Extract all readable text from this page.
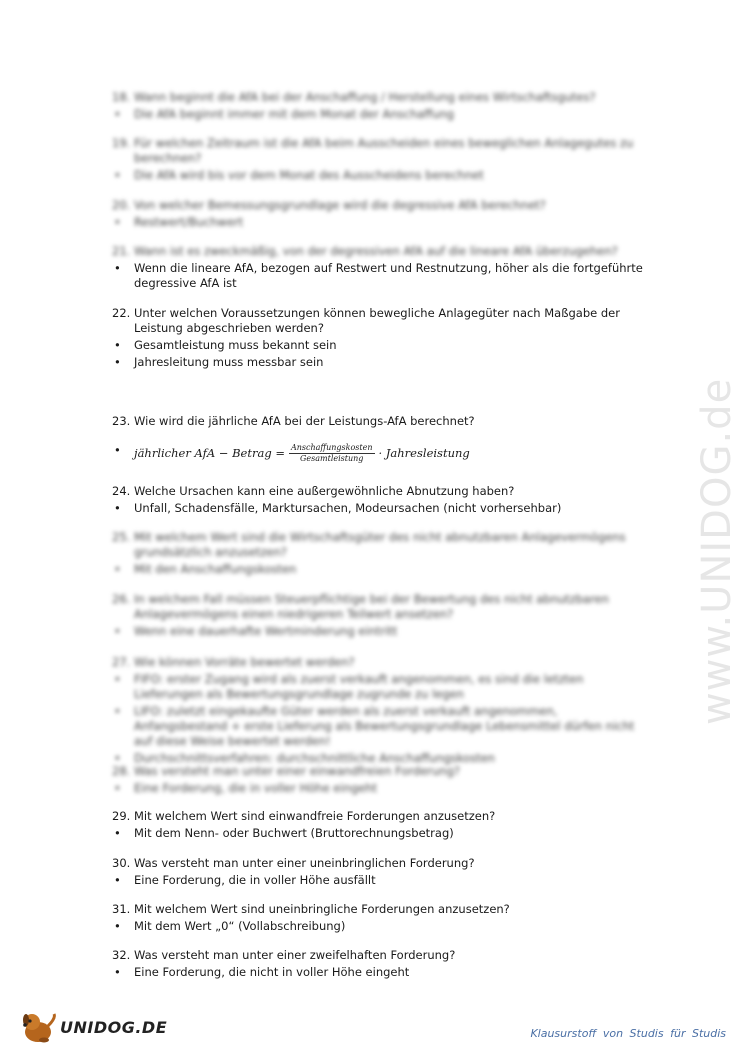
18. Wann beginnt die AfA bei der Anschaffung / Herstellung eines Wirtschaftsgutes?
•	Die AfA beginnt immer mit dem Monat der Anschaffung
19. Für welchen Zeitraum ist die AfA beim Ausscheiden eines beweglichen Anlagegutes zu berechnen?
•	Die AfA wird bis vor dem Monat des Ausscheidens berechnet
20. Von welcher Bemessungsgrundlage wird die degressive AfA berechnet?
•	Restwert/Buchwert
21. Wann ist es zweckmäßig, von der degressiven AfA auf die lineare AfA überzugehen?
•	Wenn die lineare AfA, bezogen auf Restwert und Restnutzung, höher als die fortgeführte degressive AfA ist
22. Unter welchen Voraussetzungen können bewegliche Anlagegüter nach Maßgabe der Leistung abgeschrieben werden?
•	Gesamtleistung muss bekannt sein
•	Jahresleitung muss messbar sein
23. Wie wird die jährliche AfA bei der Leistungs-AfA berechnet?
•	jährlicher AfA − Betrag = $\frac{\text{Anschaffungskosten}}{\text{Gesamtleistung}}$ · Jahresleistung
24. Welche Ursachen kann eine außergewöhnliche Abnutzung haben?
•	Unfall, Schadensfälle, Marktursachen, Modeursachen (nicht vorhersehbar)
25. Mit welchem Wert sind die Wirtschaftsgüter des nicht abnutzbaren Anlagevermögens grundsätzlich anzusetzen?
•	Mit den Anschaffungskosten
26. In welchem Fall müssen Steuerpflichtige bei der Bewertung des nicht abnutzbaren Anlagevermögens einen niedrigeren Teilwert ansetzen?
•	Wenn eine dauerhafte Wertminderung eintritt
27. Wie können Vorräte bewertet werden?
•	FIFO: erster Zugang wird als zuerst verkauft angenommen, es sind die letzten Lieferungen als Bewertungsgrundlage zugrunde zu legen
•	LIFO: zuletzt eingekaufte Güter werden als zuerst verkauft angenommen, Anfangsbestand + erste Lieferung als Bewertungsgrundlage Lebensmittel dürfen nicht auf diese Weise bewertet werden!
•	Durchschnittsverfahren: durchschnittliche Anschaffungskosten
28. Was versteht man unter einer einwandfreien Forderung?
•	Eine Forderung, die in voller Höhe eingeht
29. Mit welchem Wert sind einwandfreie Forderungen anzusetzen?
•	Mit dem Nenn- oder Buchwert (Bruttorechnungsbetrag)
30. Was versteht man unter einer uneinbringlichen Forderung?
•	Eine Forderung, die in voller Höhe ausfällt
31. Mit welchem Wert sind uneinbringliche Forderungen anzusetzen?
•	Mit dem Wert „0“ (Vollabschreibung)
32. Was versteht man unter einer zweifelhaften Forderung?
•	Eine Forderung, die nicht in voller Höhe eingeht
www.UNIDOG.de
UNIDOG.DE	Klausurstoff von Studis für Studis
